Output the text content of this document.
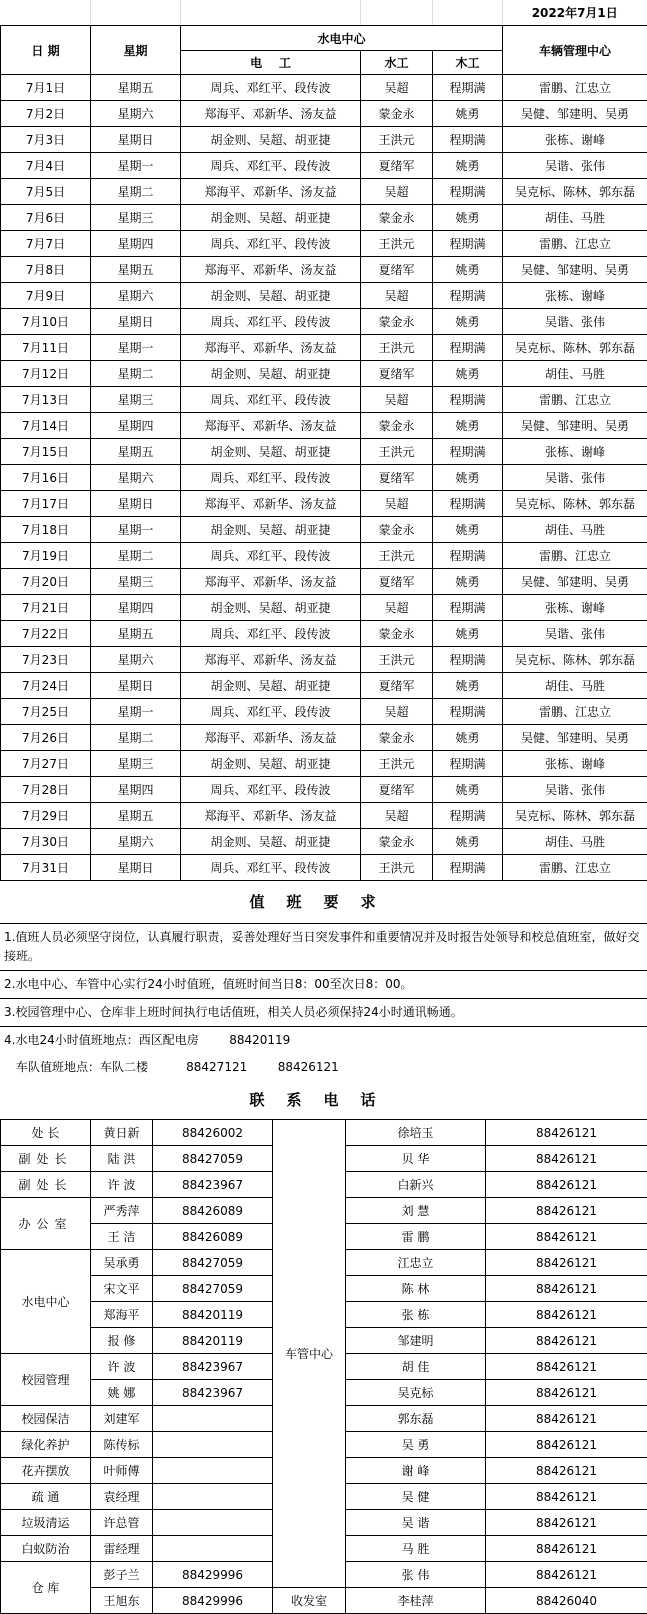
					2022年7月1日
日 期	星期	水电中心			车辆管理中心
		电    工	水工	木工	
7月1日	星期五	周兵、邓红平、段传波	吴超	程期满	雷鹏、江忠立
7月2日	星期六	郑海平、邓新华、汤友益	蒙金永	姚勇	吴健、邹建明、吴勇
7月3日	星期日	胡金则、吴超、胡亚捷	王洪元	程期满	张栋、谢峰
7月4日	星期一	周兵、邓红平、段传波	夏绪军	姚勇	吴谐、张伟
7月5日	星期二	郑海平、邓新华、汤友益	吴超	程期满	吴克标、陈林、郭东磊
7月6日	星期三	胡金则、吴超、胡亚捷	蒙金永	姚勇	胡佳、马胜
7月7日	星期四	周兵、邓红平、段传波	王洪元	程期满	雷鹏、江忠立
7月8日	星期五	郑海平、邓新华、汤友益	夏绪军	姚勇	吴健、邹建明、吴勇
7月9日	星期六	胡金则、吴超、胡亚捷	吴超	程期满	张栋、谢峰
7月10日	星期日	周兵、邓红平、段传波	蒙金永	姚勇	吴谐、张伟
7月11日	星期一	郑海平、邓新华、汤友益	王洪元	程期满	吴克标、陈林、郭东磊
7月12日	星期二	胡金则、吴超、胡亚捷	夏绪军	姚勇	胡佳、马胜
7月13日	星期三	周兵、邓红平、段传波	吴超	程期满	雷鹏、江忠立
7月14日	星期四	郑海平、邓新华、汤友益	蒙金永	姚勇	吴健、邹建明、吴勇
7月15日	星期五	胡金则、吴超、胡亚捷	王洪元	程期满	张栋、谢峰
7月16日	星期六	周兵、邓红平、段传波	夏绪军	姚勇	吴谐、张伟
7月17日	星期日	郑海平、邓新华、汤友益	吴超	程期满	吴克标、陈林、郭东磊
7月18日	星期一	胡金则、吴超、胡亚捷	蒙金永	姚勇	胡佳、马胜
7月19日	星期二	周兵、邓红平、段传波	王洪元	程期满	雷鹏、江忠立
7月20日	星期三	郑海平、邓新华、汤友益	夏绪军	姚勇	吴健、邹建明、吴勇
7月21日	星期四	胡金则、吴超、胡亚捷	吴超	程期满	张栋、谢峰
7月22日	星期五	周兵、邓红平、段传波	蒙金永	姚勇	吴谐、张伟
7月23日	星期六	郑海平、邓新华、汤友益	王洪元	程期满	吴克标、陈林、郭东磊
7月24日	星期日	胡金则、吴超、胡亚捷	夏绪军	姚勇	胡佳、马胜
7月25日	星期一	周兵、邓红平、段传波	吴超	程期满	雷鹏、江忠立
7月26日	星期二	郑海平、邓新华、汤友益	蒙金永	姚勇	吴健、邹建明、吴勇
7月27日	星期三	胡金则、吴超、胡亚捷	王洪元	程期满	张栋、谢峰
7月28日	星期四	周兵、邓红平、段传波	夏绪军	姚勇	吴谐、张伟
7月29日	星期五	郑海平、邓新华、汤友益	吴超	程期满	吴克标、陈林、郭东磊
7月30日	星期六	胡金则、吴超、胡亚捷	蒙金永	姚勇	胡佳、马胜
7月31日	星期日	周兵、邓红平、段传波	王洪元	程期满	雷鹏、江忠立
值班要求
1.值班人员必须坚守岗位，认真履行职责，妥善处理好当日突发事件和重要情况并及时报告处领导和校总值班室，做好交接班。
2.水电中心、车管中心实行24小时值班，值班时间当日8：00至次日8：00。
3.校园管理中心、仓库非上班时间执行电话值班，相关人员必须保持24小时通讯畅通。
4.水电24小时值班地点：西区配电房        88420119
车队值班地点：车队二楼          88427121        88426121
联系电话
处 长	黄日新	88426002	车管中心	徐培玉	88426121
副处长	陆 洪	88427059		贝 华	88426121
副处长	许 波	88423967		白新兴	88426121
办公室	严秀萍	88426089		刘 慧	88426121
	王 洁	88426089		雷 鹏	88426121
水电中心	吴承勇	88427059		江忠立	88426121
	宋文平	88427059		陈 林	88426121
	郑海平	88420119		张 栋	88426121
	报 修	88420119		邹建明	88426121
校园管理	许 波	88423967		胡 佳	88426121
	姚 娜	88423967		吴克标	88426121
校园保洁	刘建军			郭东磊	88426121
绿化养护	陈传标			吴 勇	88426121
花卉摆放	叶师傅			谢 峰	88426121
疏 通	袁经理			吴 健	88426121
垃圾清运	许总管			吴 谐	88426121
白蚁防治	雷经理			马 胜	88426121
仓 库	彭子兰	88429996		张 伟	88426121
	王旭东	88429996	收发室	李桂萍	88426040
